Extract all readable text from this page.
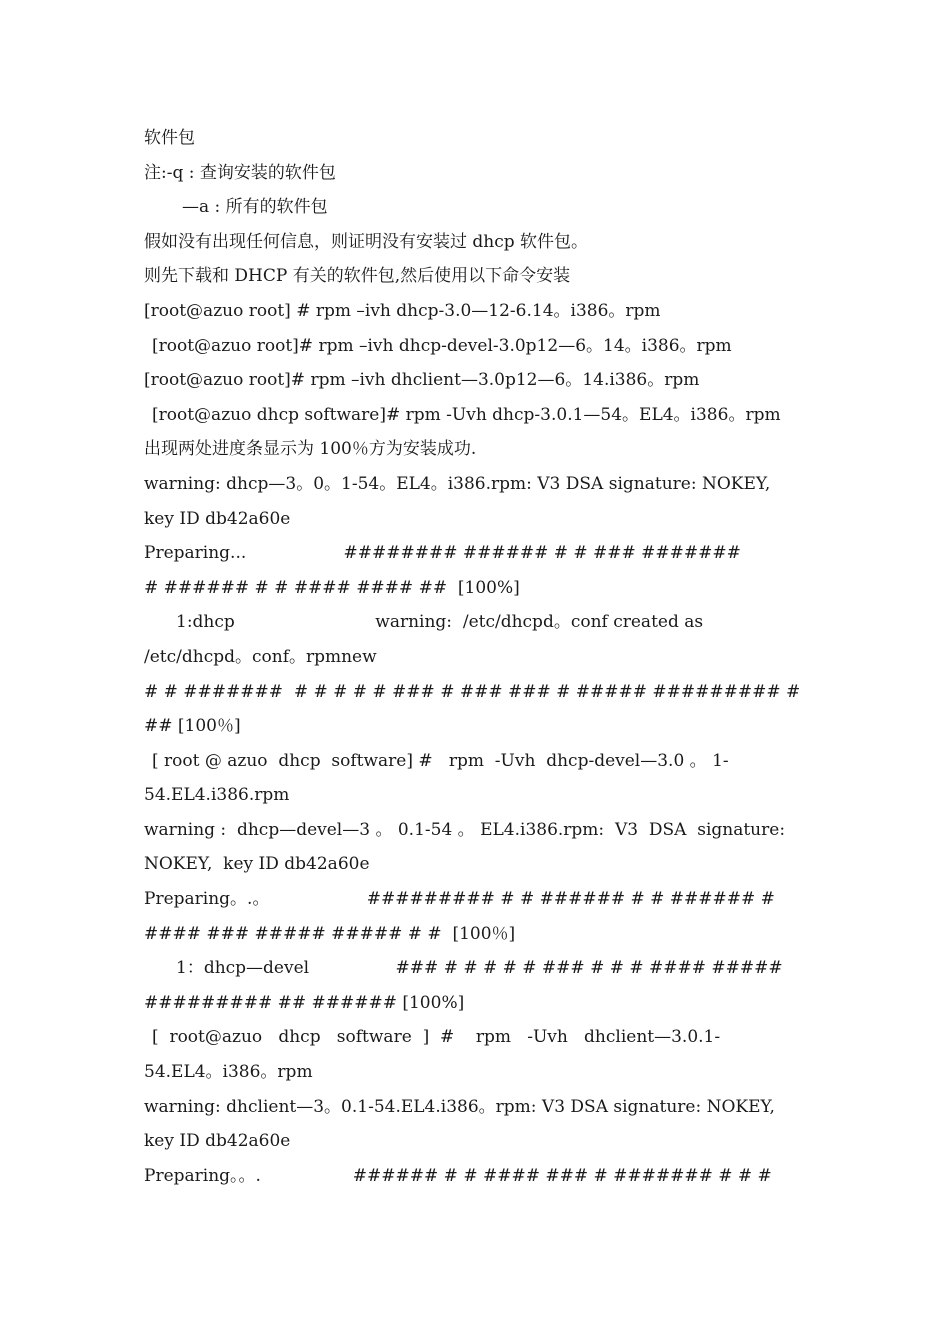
软件包
注:-q : 查询安装的软件包
—a : 所有的软件包
假如没有出现任何信息，则证明没有安装过 dhcp 软件包。
则先下载和 DHCP 有关的软件包,然后使用以下命令安装
[root@azuo root] # rpm –ivh dhcp-3.0—12-6.14。i386。rpm
[root@azuo root]# rpm –ivh dhcp-devel-3.0p12—6。14。i386。rpm
[root@azuo root]# rpm –ivh dhclient—3.0p12—6。14.i386。rpm
[root@azuo dhcp software]# rpm -Uvh dhcp-3.0.1—54。EL4。i386。rpm
出现两处进度条显示为 100％方为安装成功.
warning: dhcp—3。0。1-54。EL4。i386.rpm: V3 DSA signature: NOKEY,
key ID db42a60e
Preparing...                  ######## ###### # # ### #######
# ###### # # #### #### ##  [100%]
1:dhcp                          warning:  /etc/dhcpd。conf created as
/etc/dhcpd。conf。rpmnew
# # #######  # # # # # ### # ### ### # ##### ######### #
## [100％]
[ root @ azuo  dhcp  software] #   rpm  -Uvh  dhcp-devel—3.0 。 1-
54.EL4.i386.rpm
warning :  dhcp—devel—3 。 0.1-54 。 EL4.i386.rpm:  V3  DSA  signature:
NOKEY,  key ID db42a60e
Preparing。.。                  ######### # # ###### # # ###### #
#### ### ##### ##### # #  [100％]
1：dhcp—devel                ### # # # # # ### # # # #### #####
######### ## ###### [100%]
[  root@azuo   dhcp   software  ]  #    rpm   -Uvh   dhclient—3.0.1-
54.EL4。i386。rpm
warning: dhclient—3。0.1-54.EL4.i386。rpm: V3 DSA signature: NOKEY,
key ID db42a60e
Preparing。。.                 ###### # # #### ### # ####### # # #
